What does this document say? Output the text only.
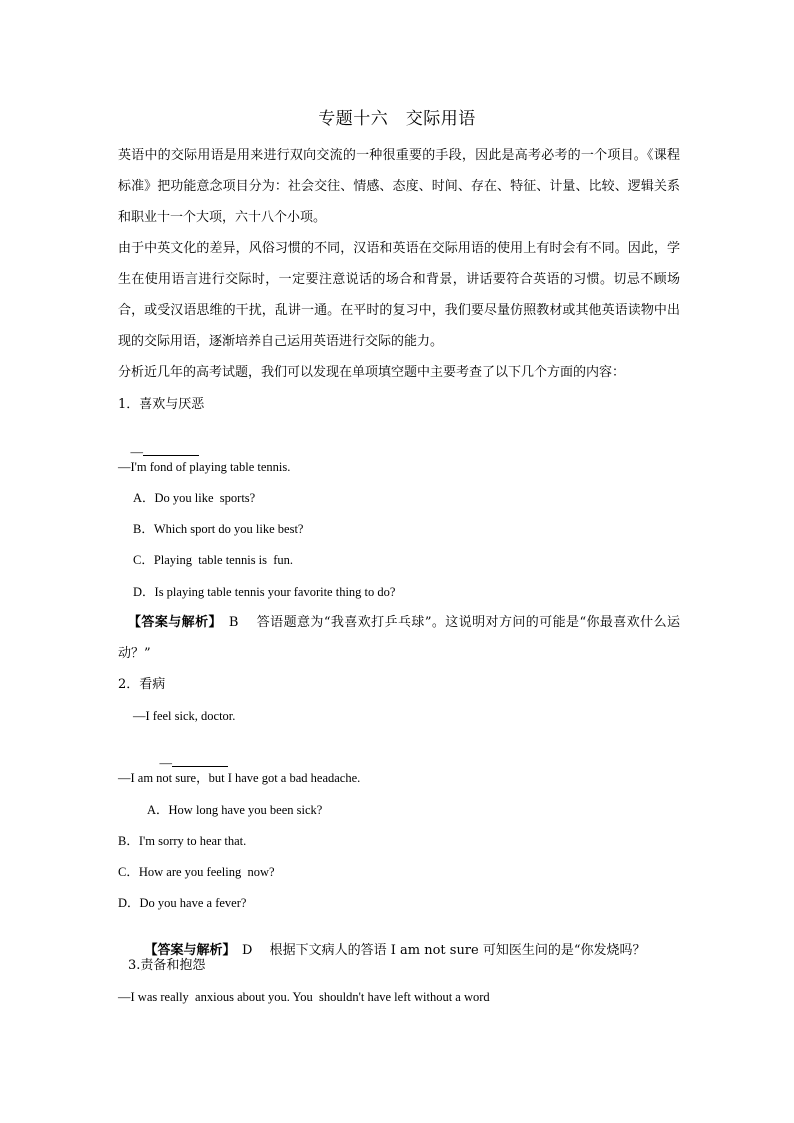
专题十六　交际用语
英语中的交际用语是用来进行双向交流的一种很重要的手段，因此是高考必考的一个项目。《课程标准》把功能意念项目分为：社会交往、情感、态度、时间、存在、特征、计量、比较、逻辑关系和职业十一个大项，六十八个小项。
由于中英文化的差异，风俗习惯的不同，汉语和英语在交际用语的使用上有时会有不同。因此，学生在使用语言进行交际时，一定要注意说话的场合和背景，讲话要符合英语的习惯。切忌不顾场合，或受汉语思维的干扰，乱讲一通。在平时的复习中，我们要尽量仿照教材或其他英语读物中出现的交际用语，逐渐培养自己运用英语进行交际的能力。
分析近几年的高考试题，我们可以发现在单项填空题中主要考查了以下几个方面的内容：
1．喜欢与厌恶

—

—I'm fond of playing table tennis.
A．Do you like  sports?
B．Which sport do you like best?
C．Playing  table tennis is  fun.
D．Is playing table tennis your favorite thing to do?
【答案与解析】　B　 答语题意为“我喜欢打乒乓球”。这说明对方问的可能是“你最喜欢什么运动？”
2．看病
—I feel sick, doctor.

—

—I am not sure，but I have got a bad headache.
A．How long have you been sick?
B．I'm sorry to hear that.
C．How are you feeling  now?
D．Do you have a fever?

【答案与解析】　D　 根据下文病人的答语 I am not sure 可知医生问的是“你发烧吗？

3.责备和抱怨
—I was really  anxious about you. You  shouldn't have left without a word
